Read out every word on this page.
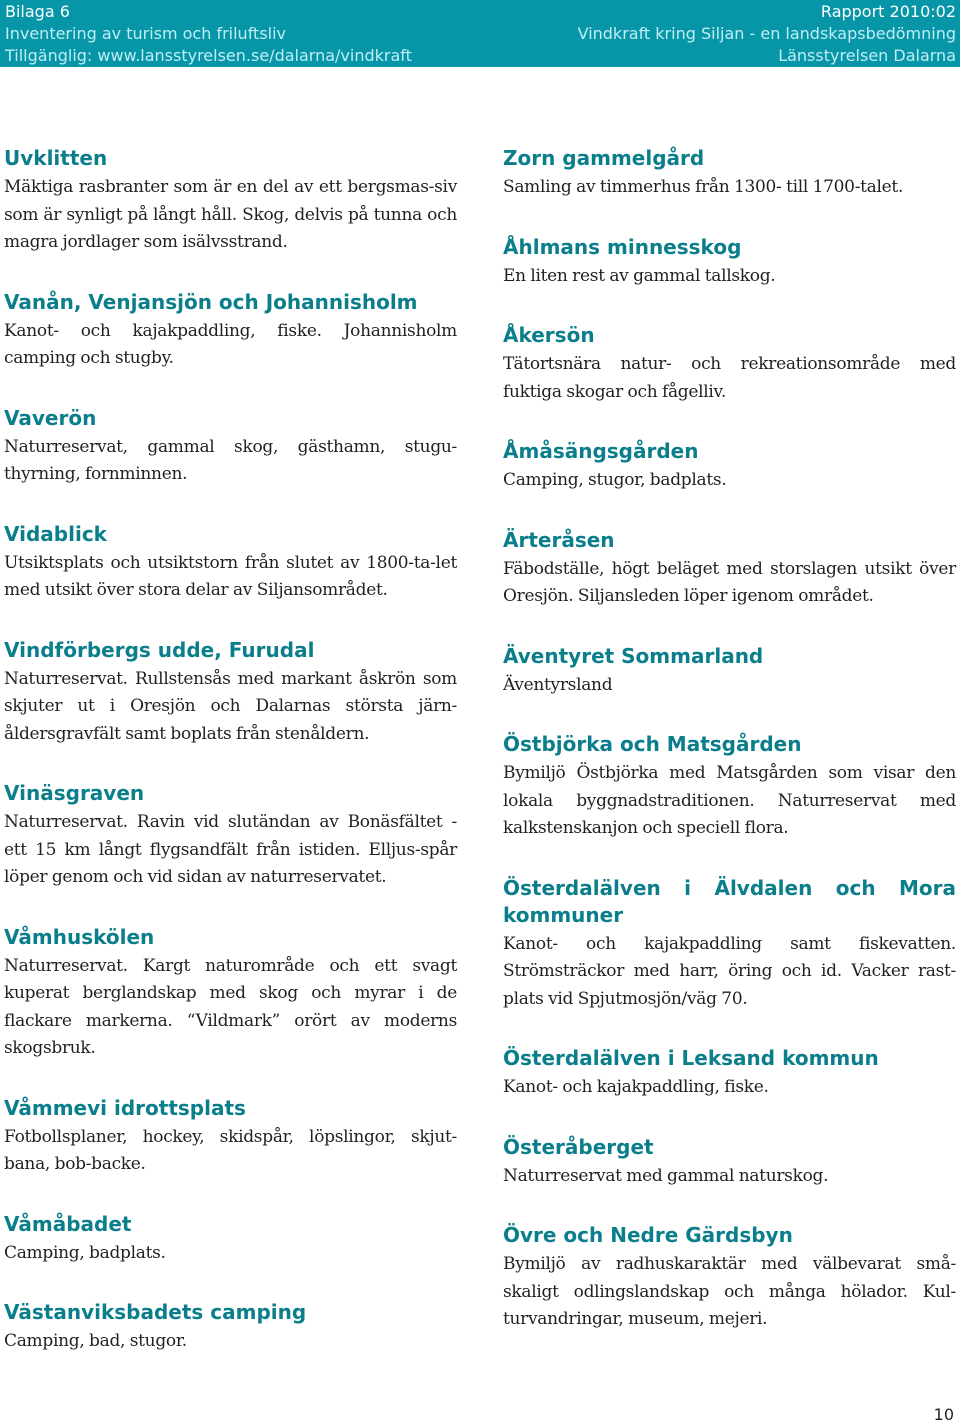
Bilaga 6
Inventering av turism och friluftsliv
Tillgänglig: www.lansstyrelsen.se/dalarna/vindkraft
Rapport 2010:02
Vindkraft kring Siljan - en landskapsbedömning
Länsstyrelsen Dalarna
Uvklitten

Mäktiga rasbranter som är en del av ett bergsmas-siv som är synligt på långt håll. Skog, delvis på tunna och magra jordlager som isälvsstrand.

Vanån, Venjansjön och Johannisholm

Kanot- och kajakpaddling, fiske. Johannisholm camping och stugby.

Vaverön

Naturreservat, gammal skog, gästhamn, stugu-thyrning, fornminnen.

Vidablick

Utsiktsplats och utsiktstorn från slutet av 1800-ta-let med utsikt över stora delar av Siljansområdet.

Vindförbergs udde, Furudal

Naturreservat. Rullstensås med markant åskrön som skjuter ut i Oresjön och Dalarnas största järn-åldersgravfält samt boplats från stenåldern.

Vinäsgraven

Naturreservat. Ravin vid slutändan av Bonäsfältet - ett 15 km långt flygsandfält från istiden. Elljus-spår löper genom och vid sidan av naturreservatet.

Våmhuskölen

Naturreservat. Kargt naturområde och ett svagt kuperat berglandskap med skog och myrar i de flackare markerna. “Vildmark” orört av moderns skogsbruk.

Våmmevi idrottsplats

Fotbollsplaner, hockey, skidspår, löpslingor, skjut-bana, bob-backe.

Våmåbadet

Camping, badplats.

Västanviksbadets camping

Camping, bad, stugor.

Zorn gammelgård

Samling av timmerhus från 1300- till 1700-talet.

Åhlmans minnesskog

En liten rest av gammal tallskog.

Åkersön

Tätortsnära natur- och rekreationsområde med fuktiga skogar och fågelliv.

Åmåsängsgården

Camping, stugor, badplats.

Ärteråsen

Fäbodställe, högt beläget med storslagen utsikt över Oresjön. Siljansleden löper igenom området.

Äventyret Sommarland

Äventyrsland

Östbjörka och Matsgården

Bymiljö Östbjörka med Matsgården som visar den lokala byggnadstraditionen. Naturreservat med kalkstenskanjon och speciell flora.

Österdalälven i Älvdalen och Mora kommuner

Kanot- och kajakpaddling samt fiskevatten. Strömsträckor med harr, öring och id. Vacker rast-plats vid Spjutmosjön/väg 70.

Österdalälven i Leksand kommun

Kanot- och kajakpaddling, fiske.

Österåberget

Naturreservat med gammal naturskog.

Övre och Nedre Gärdsbyn

Bymiljö av radhuskaraktär med välbevarat små-skaligt odlingslandskap och många hölador. Kul-turvandringar, museum, mejeri.

10
